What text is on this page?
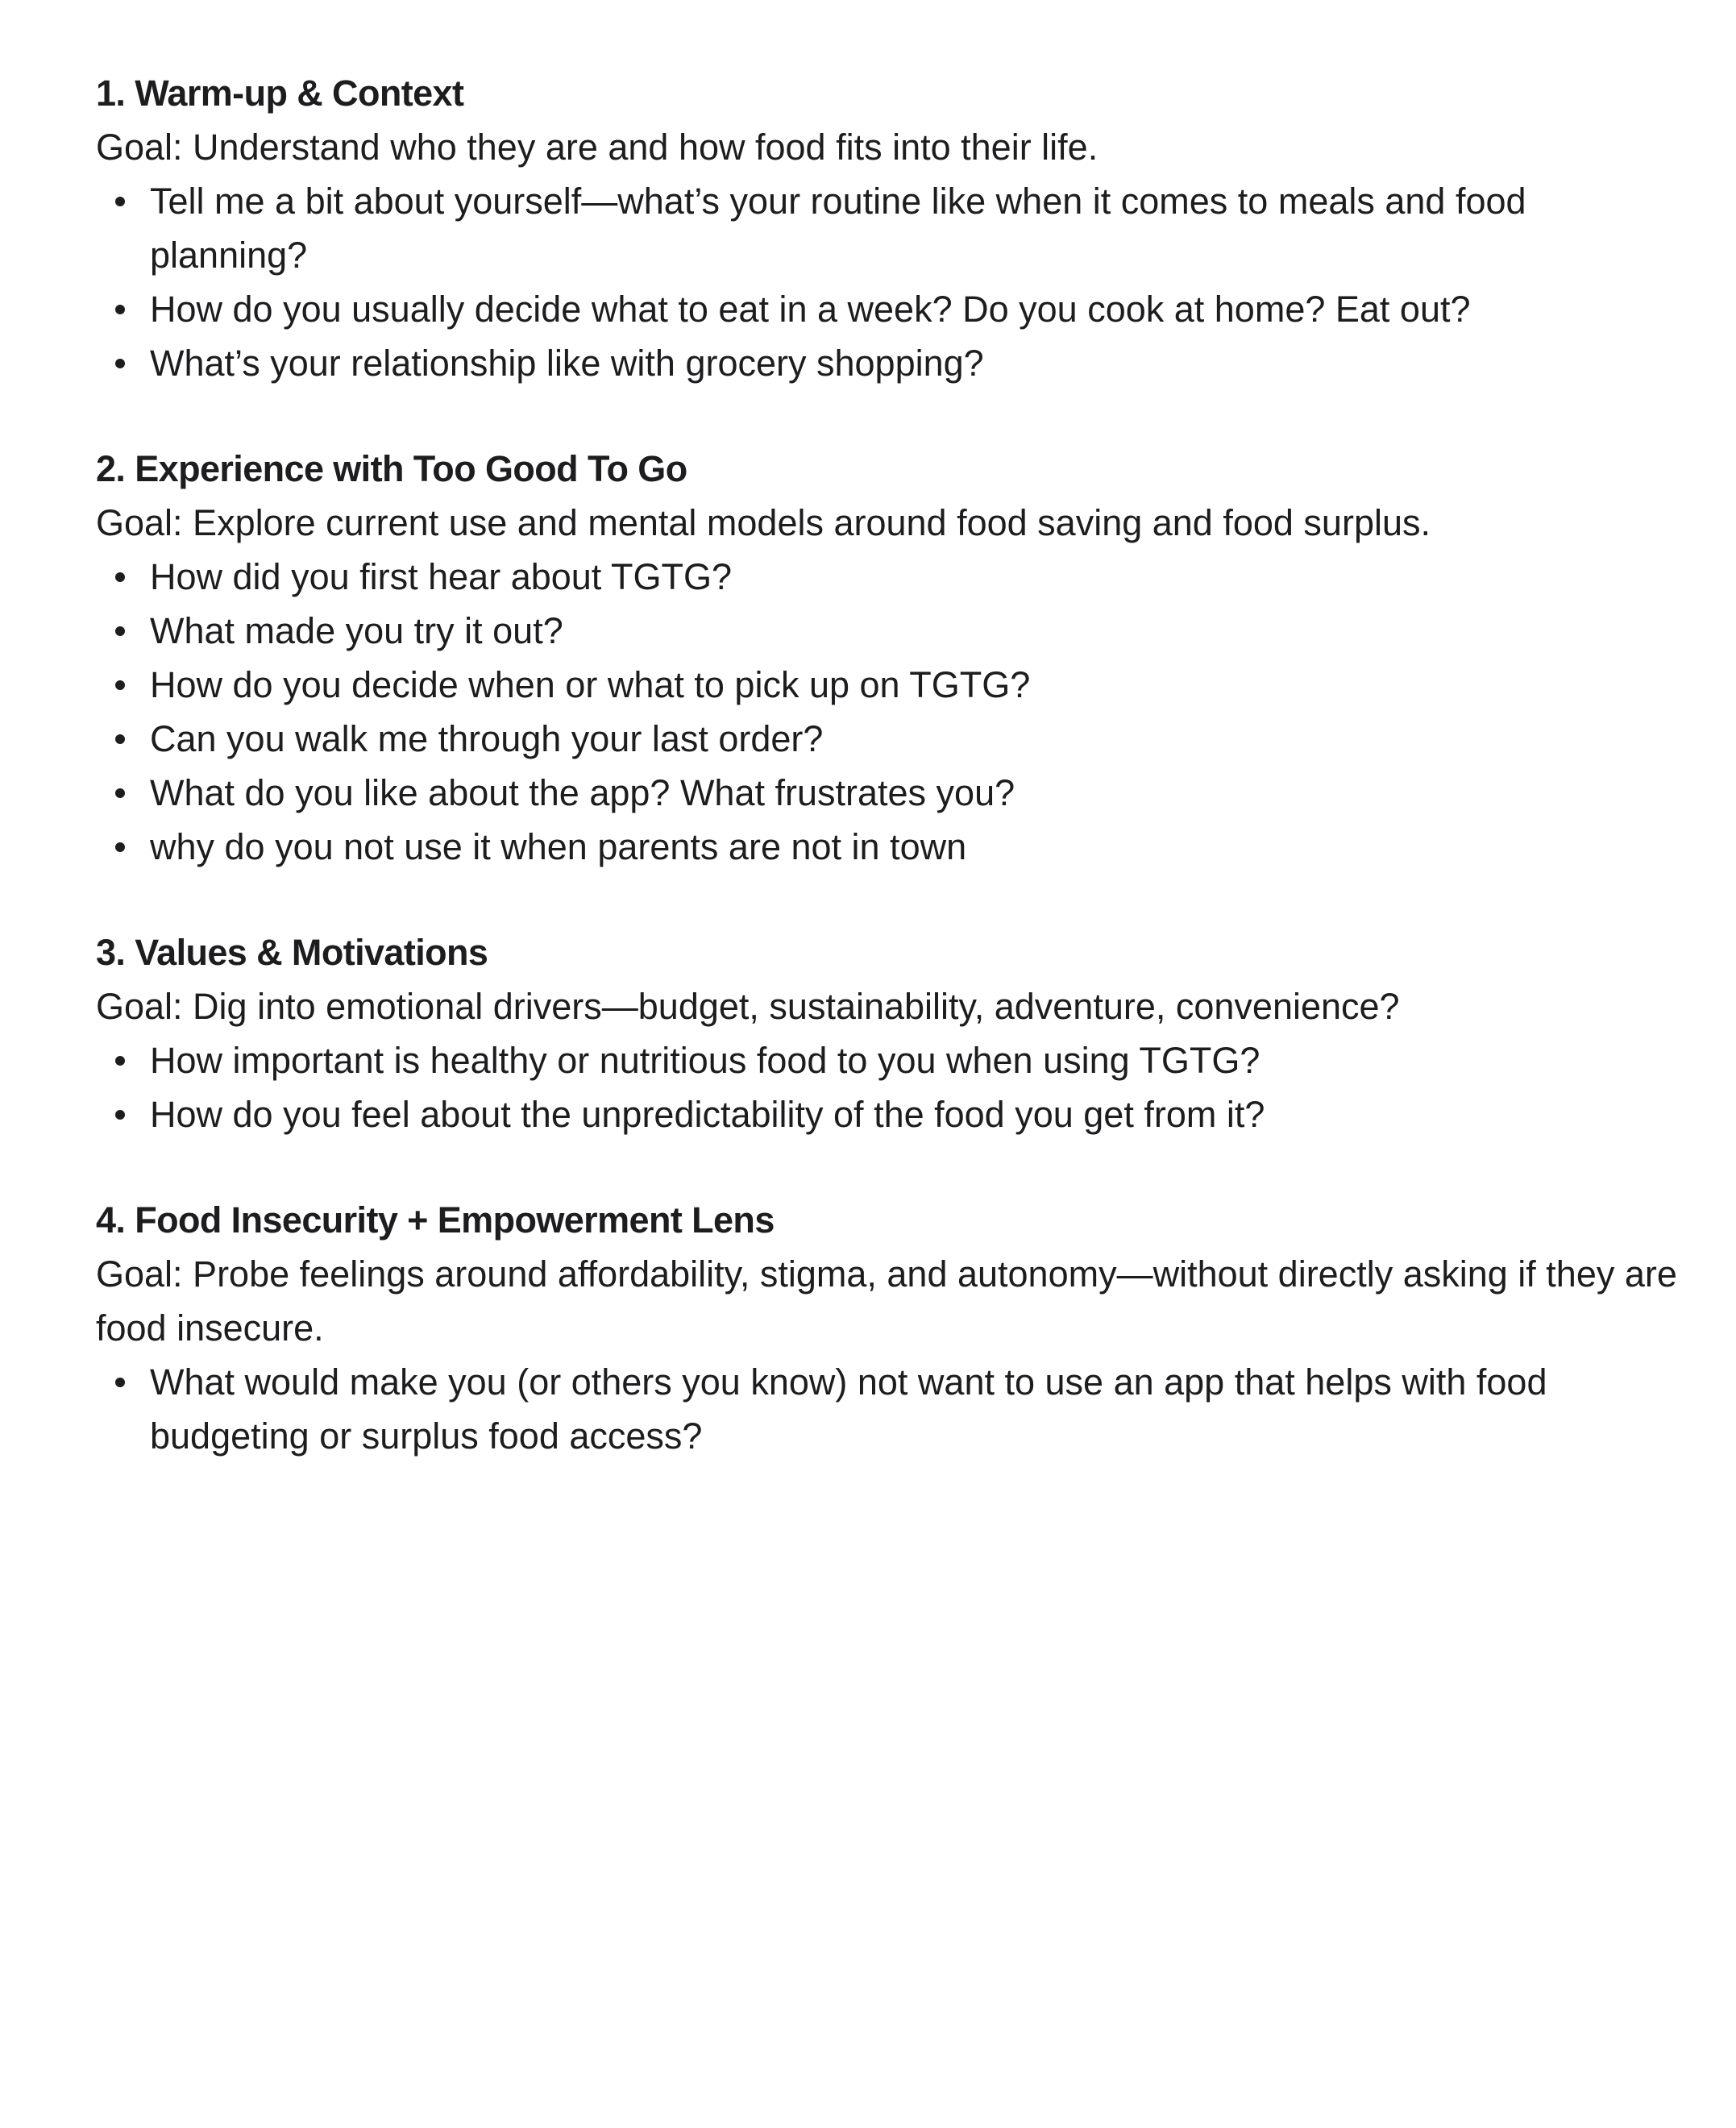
1. Warm-up & Context

Goal: Understand who they are and how food fits into their life.

Tell me a bit about yourself—what’s your routine like when it comes to meals and food planning?
How do you usually decide what to eat in a week? Do you cook at home? Eat out?
What’s your relationship like with grocery shopping?
2. Experience with Too Good To Go

Goal: Explore current use and mental models around food saving and food surplus.

How did you first hear about TGTG?
What made you try it out?
How do you decide when or what to pick up on TGTG?
Can you walk me through your last order?
What do you like about the app? What frustrates you?
why do you not use it when parents are not in town
3. Values & Motivations

Goal: Dig into emotional drivers—budget, sustainability, adventure, convenience?

How important is healthy or nutritious food to you when using TGTG?
How do you feel about the unpredictability of the food you get from it?
4. Food Insecurity + Empowerment Lens

Goal: Probe feelings around affordability, stigma, and autonomy—without directly asking if they are food insecure.

What would make you (or others you know) not want to use an app that helps with food budgeting or surplus food access?
